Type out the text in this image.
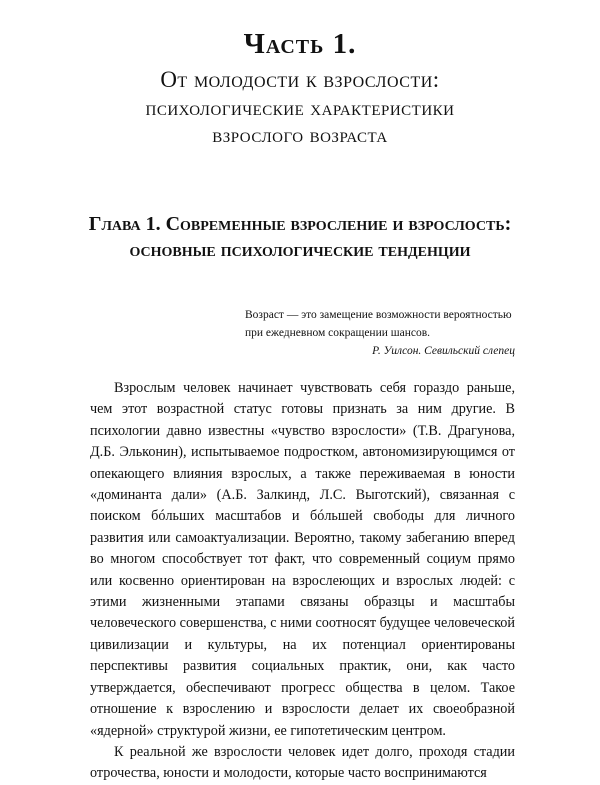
Часть 1.
От молодости к взрослости:
психологические характеристики
взрослого возраста
Глава 1. Современные взросление и взрослость:
основные психологические тенденции
Возраст — это замещение возможности вероятностью при ежедневном сокращении шансов.
Р. Уилсон. Севильский слепец

Взрослым человек начинает чувствовать себя гораздо раньше, чем этот возрастной статус готовы признать за ним другие. В психологии давно известны «чувство взрослости» (Т.В. Драгунова, Д.Б. Эльконин), испытываемое подростком, автономизирующимся от опекающего влияния взрослых, а также переживаемая в юности «доминанта дали» (А.Б. Залкинд, Л.С. Выготский), связанная с поиском бóльших масштабов и бóльшей свободы для личного развития или самоактуализации. Вероятно, такому забеганию вперед во многом способствует тот факт, что современный социум прямо или косвенно ориентирован на взрослеющих и взрослых людей: с этими жизненными этапами связаны образцы и масштабы человеческого совершенства, с ними соотносят будущее человеческой цивилизации и культуры, на их потенциал ориентированы перспективы развития социальных практик, они, как часто утверждается, обеспечивают прогресс общества в целом. Такое отношение к взрослению и взрослости делает их своеобразной «ядерной» структурой жизни, ее гипотетическим центром.

К реальной же взрослости человек идет долго, проходя стадии отрочества, юности и молодости, которые часто воспринимаются
